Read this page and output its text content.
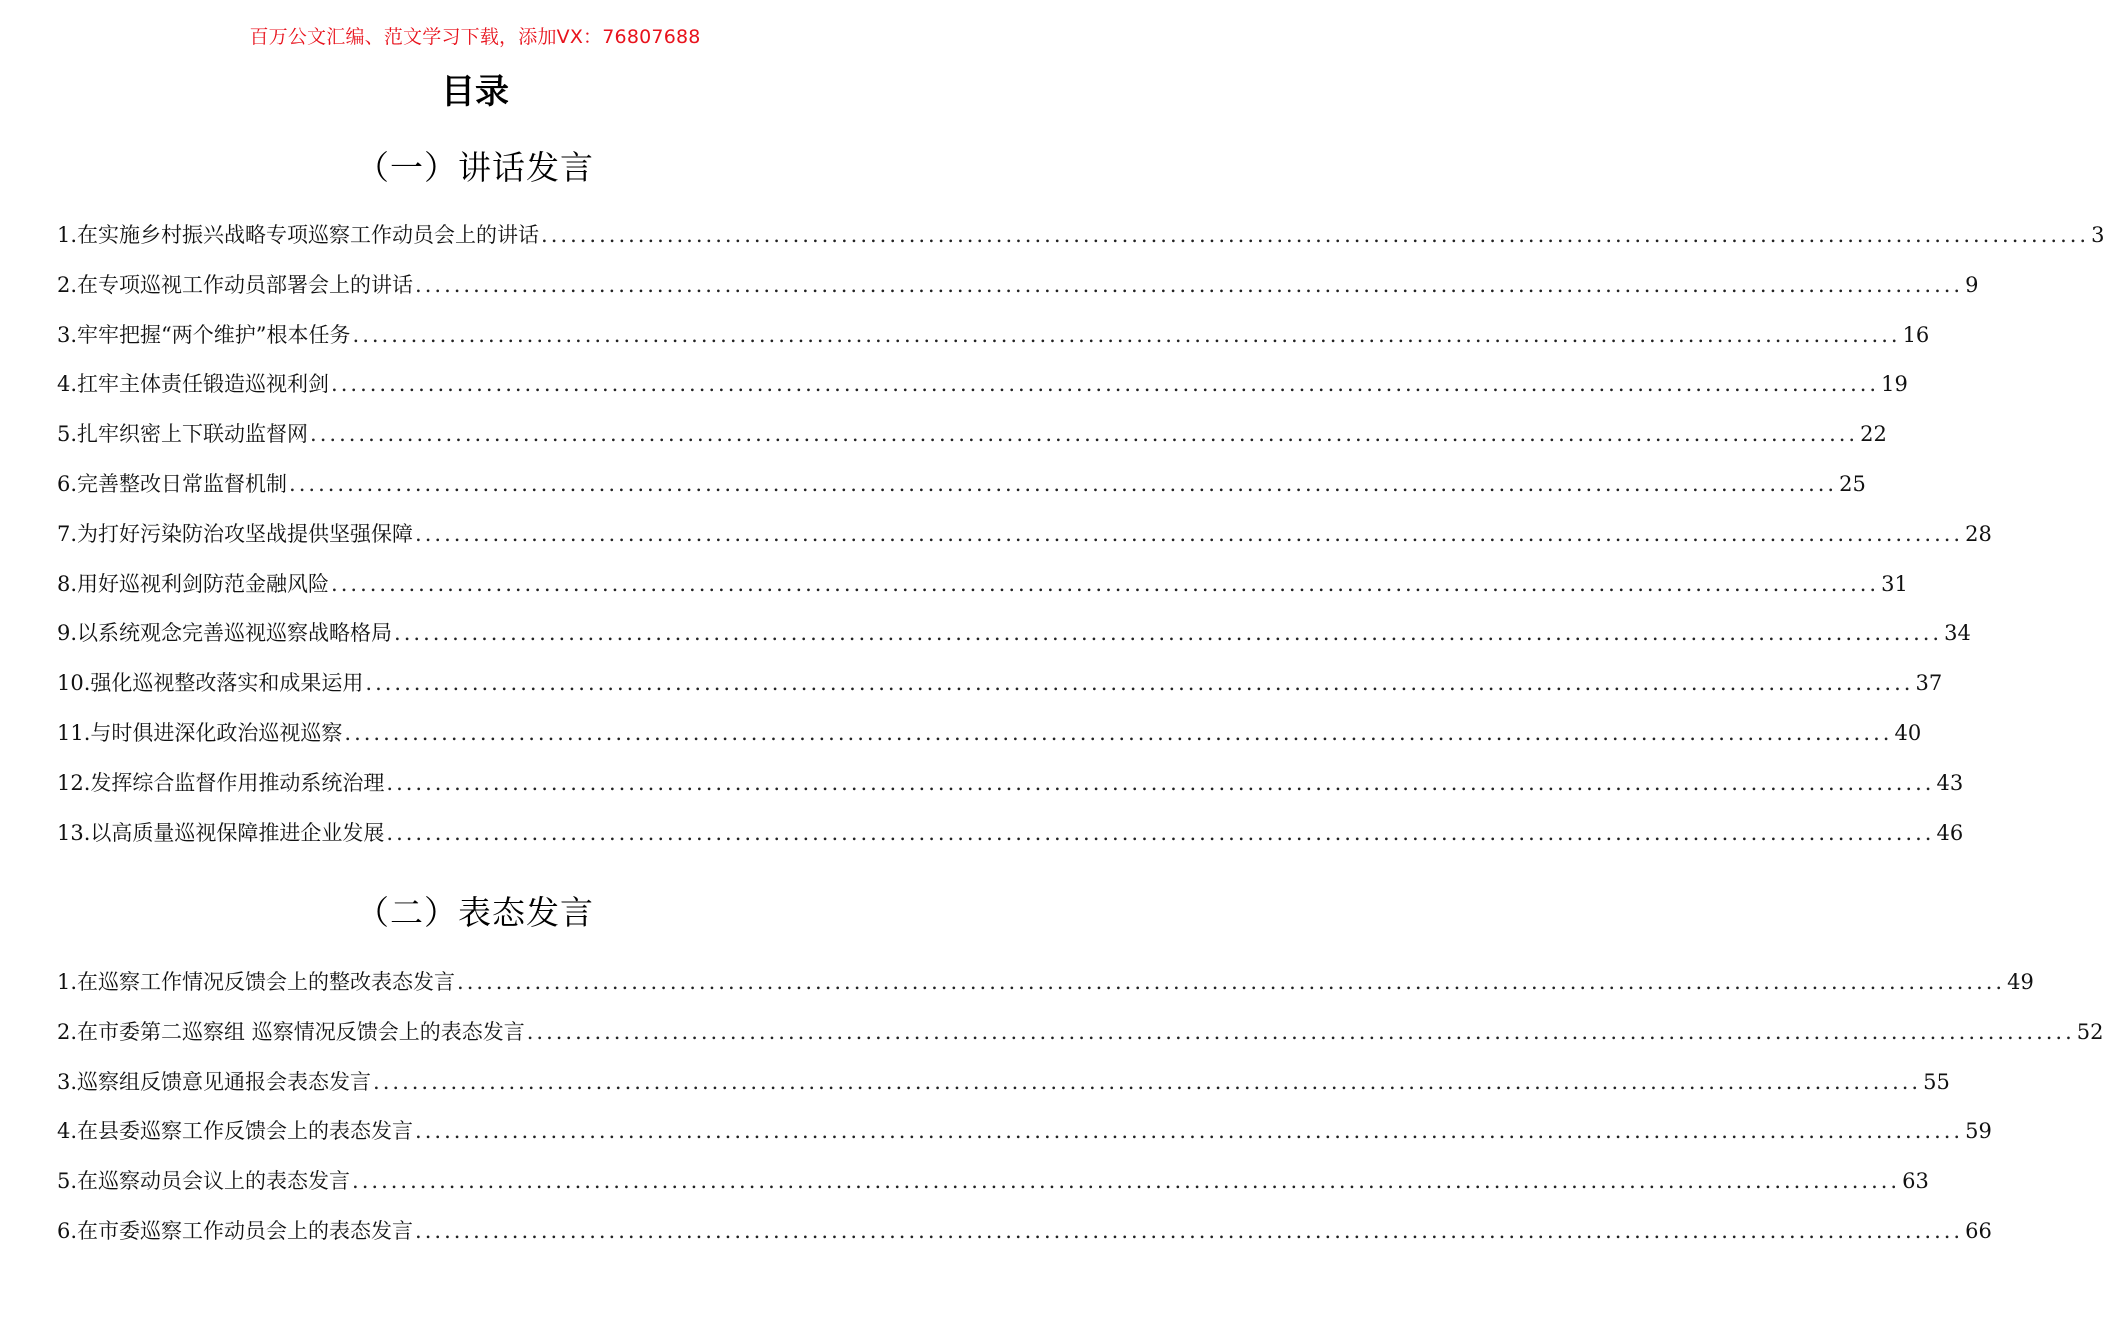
百万公文汇编、范文学习下载，添加VX：76807688
目录
（一）讲话发言
1.在实施乡村振兴战略专项巡察工作动员会上的讲话 ................................................................................................................................................................ 3
2.在专项巡视工作动员部署会上的讲话 ................................................................................................................................................................ 9
3.牢牢把握“两个维护”根本任务 ................................................................................................................................................................ 16
4.扛牢主体责任锻造巡视利剑 ................................................................................................................................................................ 19
5.扎牢织密上下联动监督网 ................................................................................................................................................................ 22
6.完善整改日常监督机制 ................................................................................................................................................................ 25
7.为打好污染防治攻坚战提供坚强保障 ................................................................................................................................................................ 28
8.用好巡视利剑防范金融风险 ................................................................................................................................................................ 31
9.以系统观念完善巡视巡察战略格局 ................................................................................................................................................................ 34
10.强化巡视整改落实和成果运用 ................................................................................................................................................................ 37
11.与时俱进深化政治巡视巡察 ................................................................................................................................................................ 40
12.发挥综合监督作用推动系统治理 ................................................................................................................................................................ 43
13.以高质量巡视保障推进企业发展 ................................................................................................................................................................ 46
（二）表态发言
1.在巡察工作情况反馈会上的整改表态发言 ................................................................................................................................................................ 49
2.在市委第二巡察组 巡察情况反馈会上的表态发言 ................................................................................................................................................................ 52
3.巡察组反馈意见通报会表态发言 ................................................................................................................................................................ 55
4.在县委巡察工作反馈会上的表态发言 ................................................................................................................................................................ 59
5.在巡察动员会议上的表态发言 ................................................................................................................................................................ 63
6.在市委巡察工作动员会上的表态发言 ................................................................................................................................................................ 66
